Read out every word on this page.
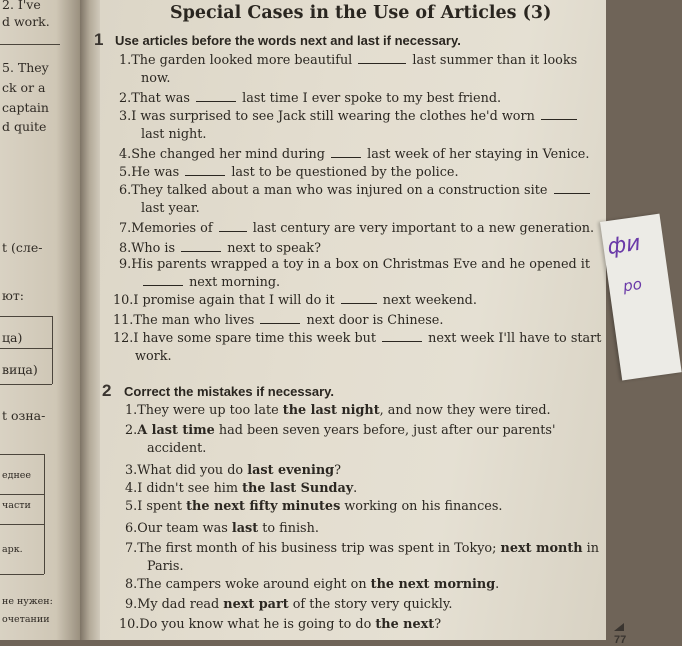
2. I've
d work.
5. They
ck or a
captain
d quite
t (сле-
ют:
ца)
вица)
t озна-
еднее
части
арк.
не нужен:
очетании
Special Cases in the Use of Articles (3)
1 Use articles before the words next and last if necessary.
1.The garden looked more beautiful	last summer than it looks
now.
2.That was	last time I ever spoke to my best friend.
3.I was surprised to see Jack still wearing the clothes he'd worn
last night.
4.She changed her mind during	last week of her staying in Venice.
5.He was	last to be questioned by the police.
6.They talked about a man who was injured on a construction site
last year.
7.Memories of	last century are very important to a new generation.
8.Who is	next to speak?
9.His parents wrapped a toy in a box on Christmas Eve and he opened it
next morning.
10.I promise again that I will do it	next weekend.
11.The man who lives	next door is Chinese.
12.I have some spare time this week but	next week I'll have to start
work.
2 Correct the mistakes if necessary.
1.They were up too late the last night, and now they were tired.
2.A last time had been seven years before, just after our parents'
accident.
3.What did you do last evening?
4.I didn't see him the last Sunday.
5.I spent the next fifty minutes working on his finances.
6.Our team was last to finish.
7.The first month of his business trip was spent in Tokyo; next month in
Paris.
8.The campers woke around eight on the next morning.
9.My dad read next part of the story very quickly.
10.Do you know what he is going to do the next?
77
фи
ро
